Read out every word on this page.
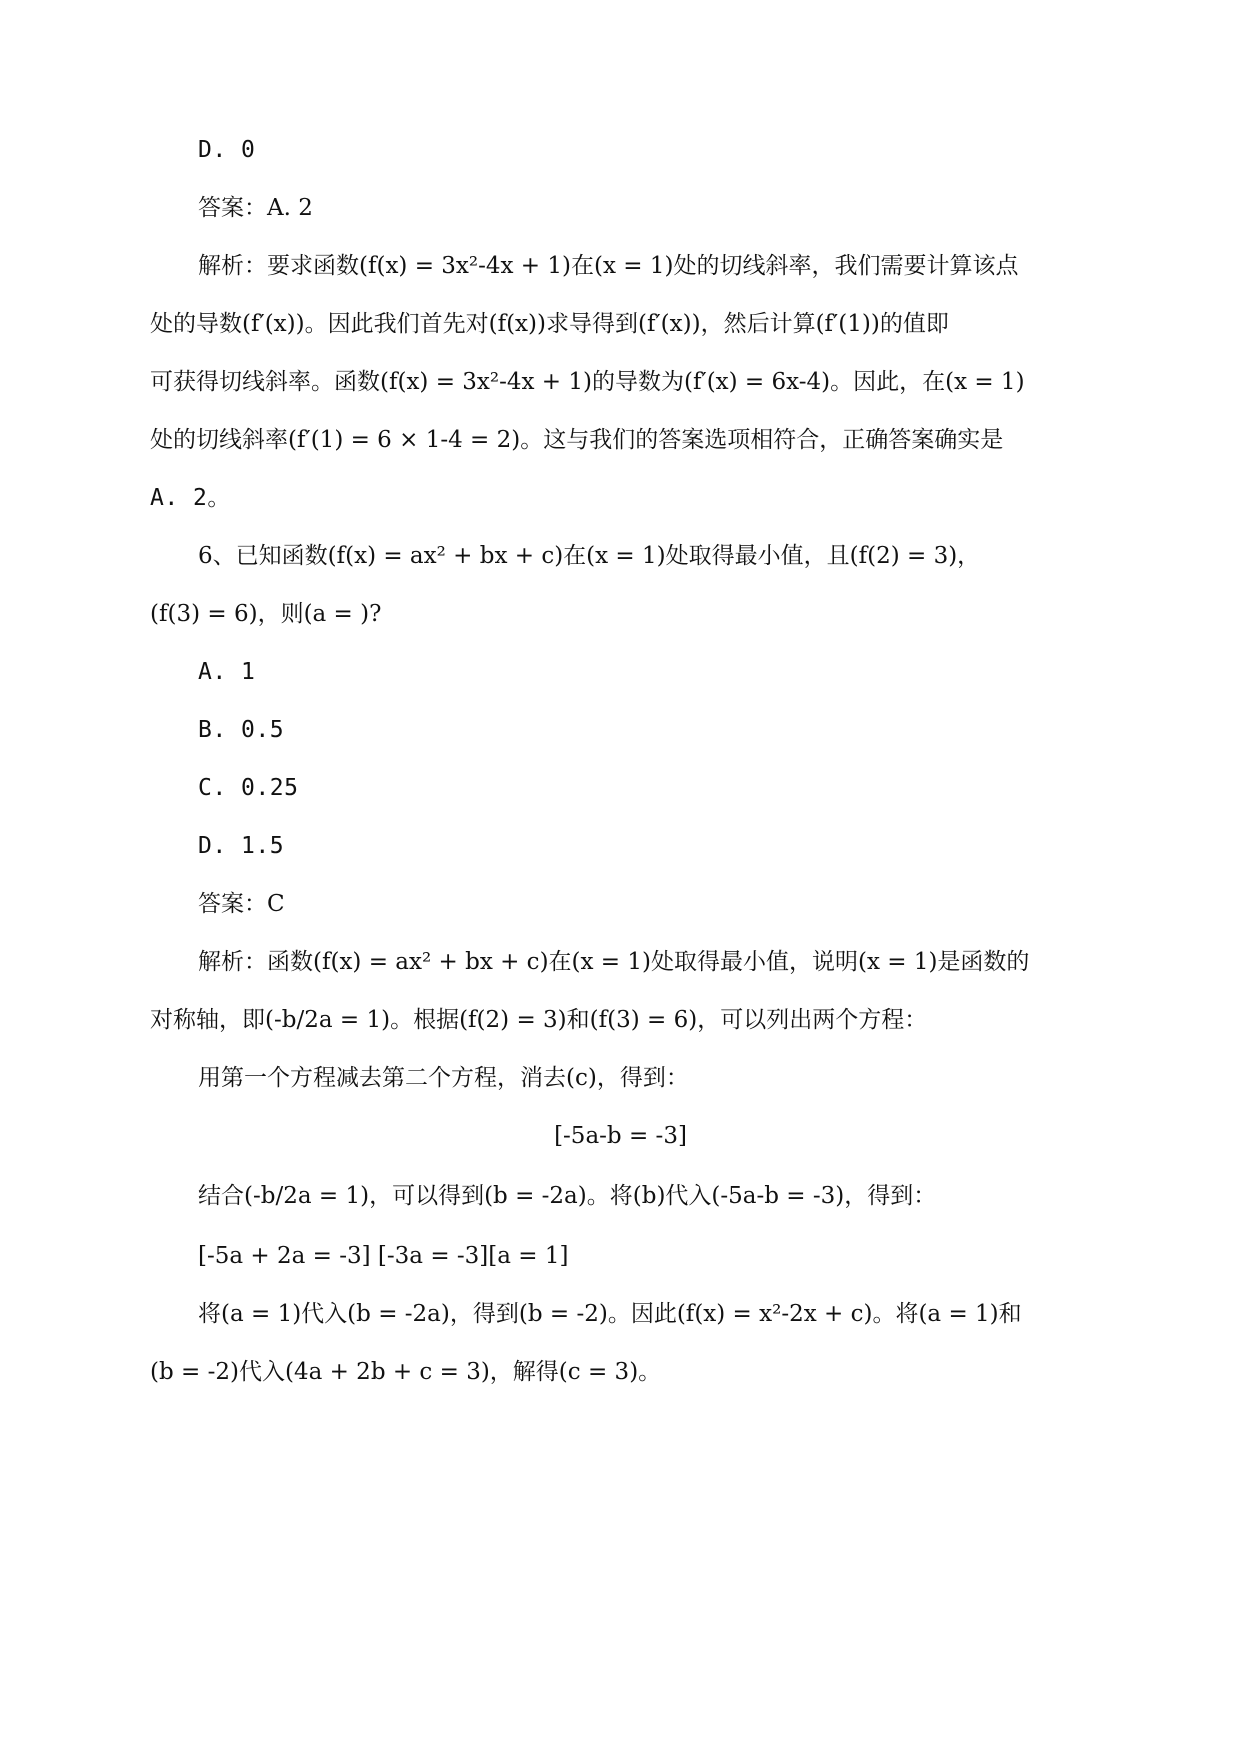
D. 0
答案：A. 2
解析：要求函数(f(x) = 3x²-4x + 1)在(x = 1)处的切线斜率，我们需要计算该点
处的导数(f′(x))。因此我们首先对(f(x))求导得到(f′(x))，然后计算(f′(1))的值即
可获得切线斜率。函数(f(x) = 3x²-4x + 1)的导数为(f′(x) = 6x-4)。因此，在(x = 1)
处的切线斜率(f′(1) = 6 × 1-4 = 2)。这与我们的答案选项相符合，正确答案确实是
A. 2。
6、已知函数(f(x) = ax² + bx + c)在(x = 1)处取得最小值，且(f(2) = 3)，
(f(3) = 6)，则(a = )?
A. 1
B. 0.5
C. 0.25
D. 1.5
答案：C
解析：函数(f(x) = ax² + bx + c)在(x = 1)处取得最小值，说明(x = 1)是函数的
对称轴，即(-b/2a = 1)。根据(f(2) = 3)和(f(3) = 6)，可以列出两个方程：
用第一个方程减去第二个方程，消去(c)，得到：
[-5a-b = -3]
结合(-b/2a = 1)，可以得到(b = -2a)。将(b)代入(-5a-b = -3)，得到：
[-5a + 2a = -3] [-3a = -3][a = 1]
将(a = 1)代入(b = -2a)，得到(b = -2)。因此(f(x) = x²-2x + c)。将(a = 1)和
(b = -2)代入(4a + 2b + c = 3)，解得(c = 3)。
